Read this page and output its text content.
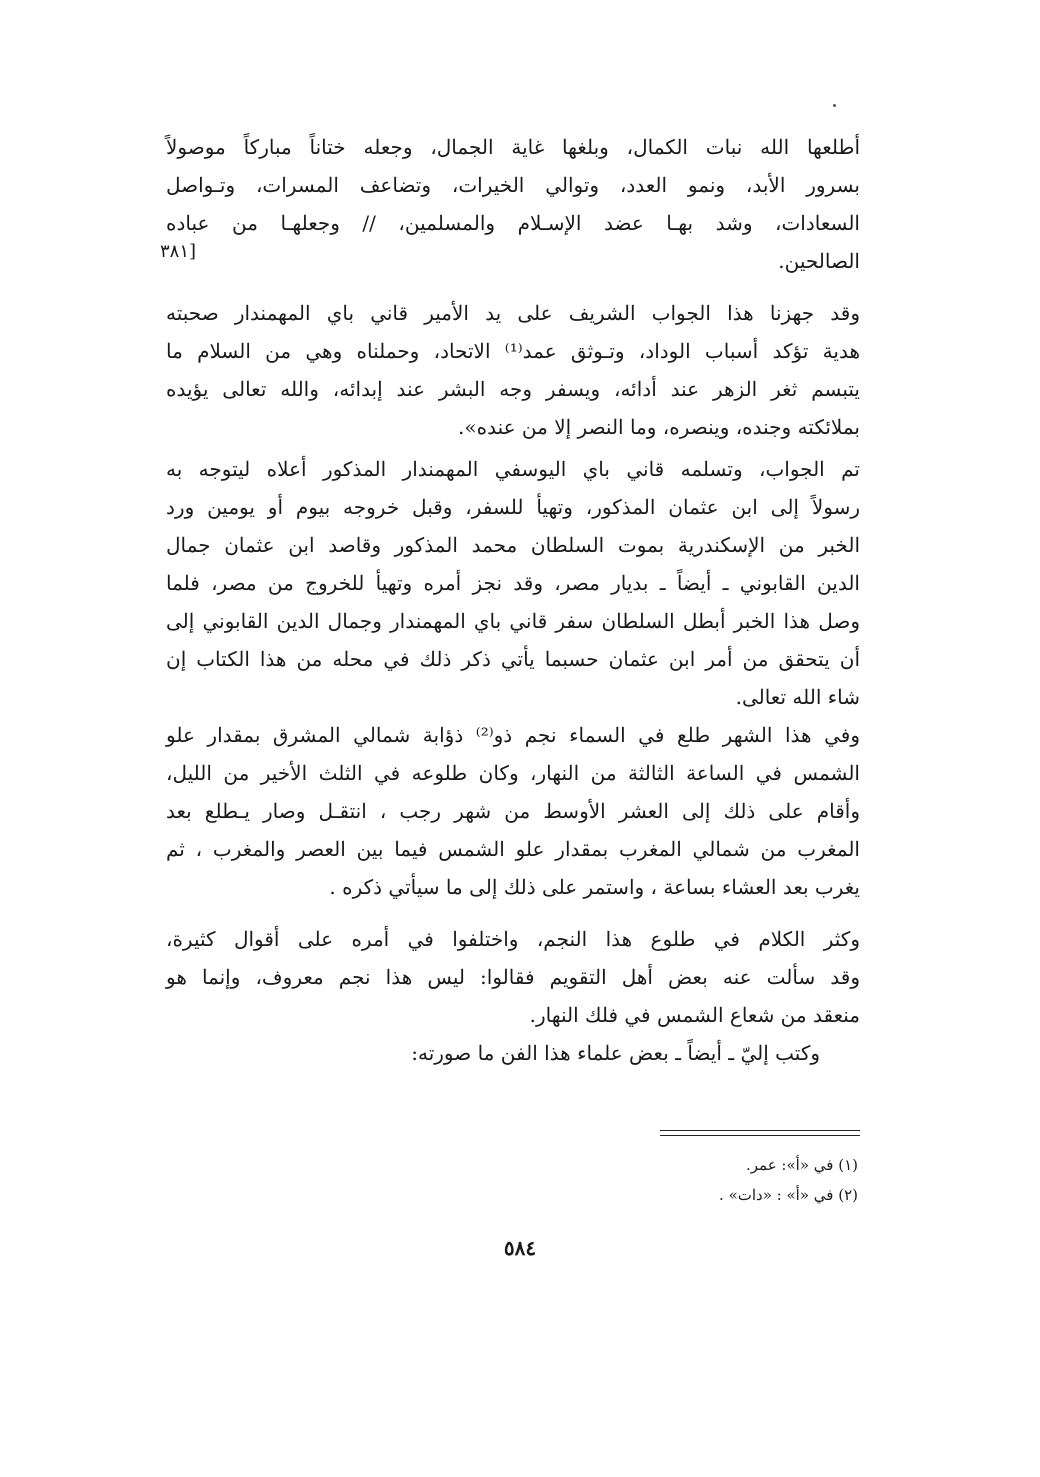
[٣٨١
أطلعها الله نبات الكمال، وبلغها غاية الجمال، وجعله ختاناً مباركاً موصولاً
بسرور الأبد، ونمو العدد، وتوالي الخيرات، وتضاعف المسرات، وتـواصل
السعادات، وشد بهـا عضد الإسـلام والمسلمين، // وجعلهـا من عباده
الصالحين.
وقد جهزنا هذا الجواب الشريف على يد الأمير قاني باي المهمندار صحبته
هدية تؤكد أسباب الوداد، وتـوثق عمد⁽¹⁾ الاتحاد، وحملناه وهي من السلام ما
يتبسم ثغر الزهر عند أدائه، ويسفر وجه البشر عند إبدائه، والله تعالى يؤيده
بملائكته وجنده، وينصره، وما النصر إلا من عنده».
تم الجواب، وتسلمه قاني باي اليوسفي المهمندار المذكور أعلاه ليتوجه به
رسولاً إلى ابن عثمان المذكور، وتهيأ للسفر، وقبل خروجه بيوم أو يومين ورد
الخبر من الإسكندرية بموت السلطان محمد المذكور وقاصد ابن عثمان جمال
الدين القابوني ـ أيضاً ـ بديار مصر، وقد نجز أمره وتهيأ للخروج من مصر، فلما
وصل هذا الخبر أبطل السلطان سفر قاني باي المهمندار وجمال الدين القابوني إلى
أن يتحقق من أمر ابن عثمان حسبما يأتي ذكر ذلك في محله من هذا الكتاب إن
شاء الله تعالى.
وفي هذا الشهر طلع في السماء نجم ذو⁽²⁾ ذؤابة شمالي المشرق بمقدار علو
الشمس في الساعة الثالثة من النهار، وكان طلوعه في الثلث الأخير من الليل،
وأقام على ذلك إلى العشر الأوسط من شهر رجب ، انتقـل وصار يـطلع بعد
المغرب من شمالي المغرب بمقدار علو الشمس فيما بين العصر والمغرب ، ثم
يغرب بعد العشاء بساعة ، واستمر على ذلك إلى ما سيأتي ذكره .
وكثر الكلام في طلوع هذا النجم، واختلفوا في أمره على أقوال كثيرة،
وقد سألت عنه بعض أهل التقويم فقالوا: ليس هذا نجم معروف، وإنما هو
منعقد من شعاع الشمس في فلك النهار.
وكتب إليّ ـ أيضاً ـ بعض علماء هذا الفن ما صورته:
(١) في «أ»: عمر.
(٢) في «أ» : «دات» .
٥٨٤
